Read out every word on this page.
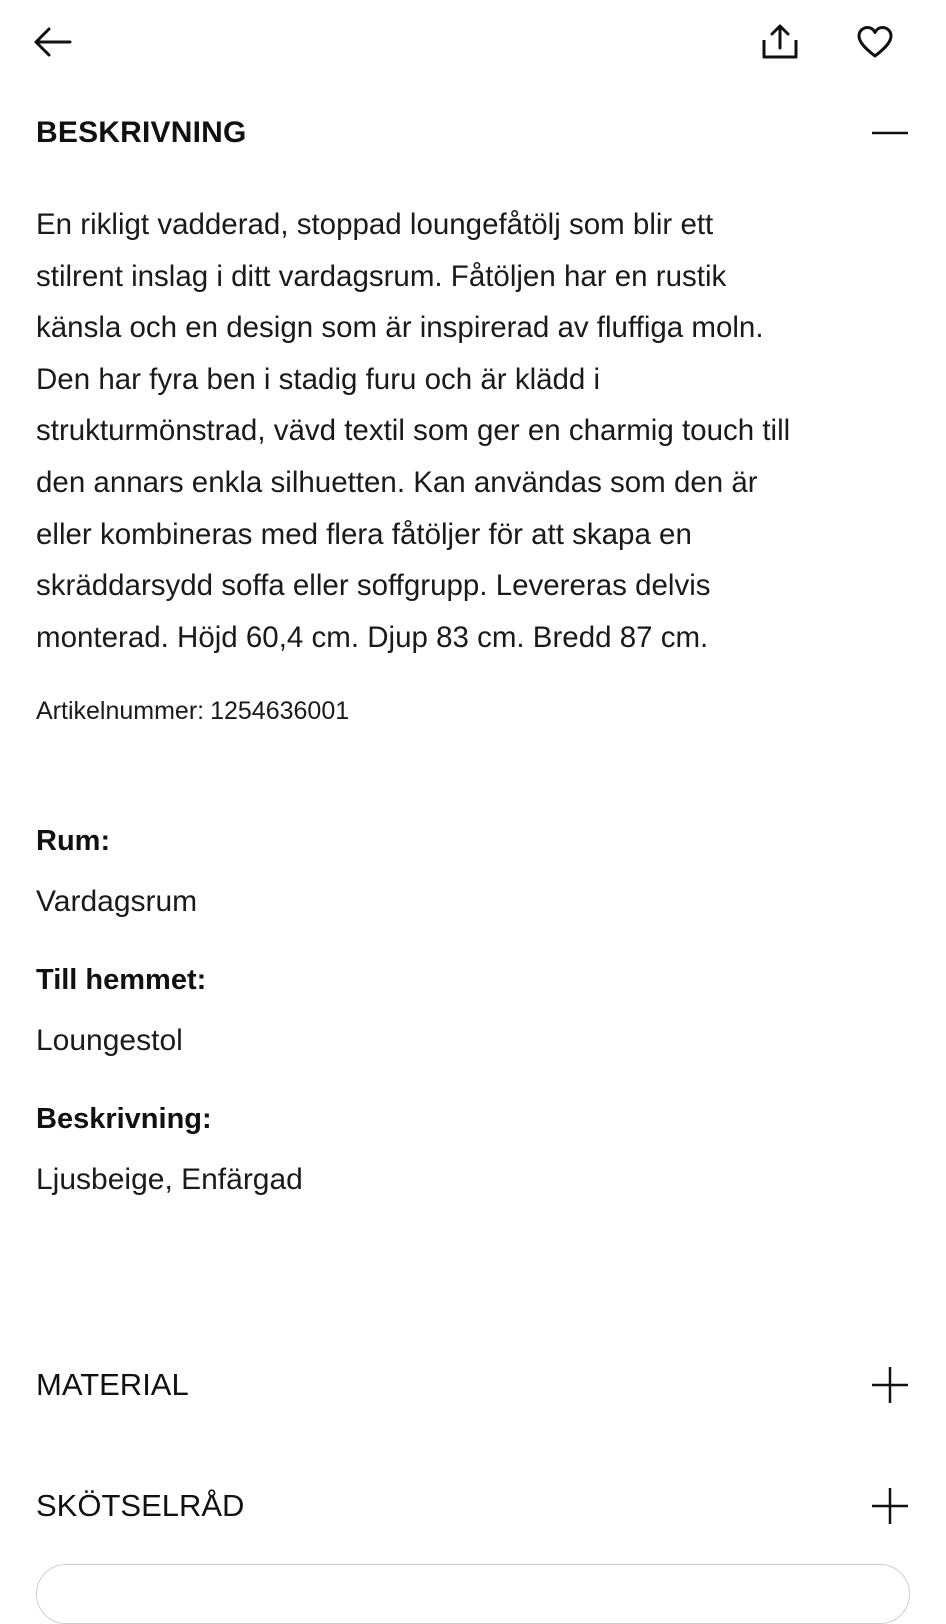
BESKRIVNING
En rikligt vadderad, stoppad loungefåtölj som blir ett
stilrent inslag i ditt vardagsrum. Fåtöljen har en rustik
känsla och en design som är inspirerad av fluffiga moln.
Den har fyra ben i stadig furu och är klädd i
strukturmönstrad, vävd textil som ger en charmig touch till
den annars enkla silhuetten. Kan användas som den är
eller kombineras med flera fåtöljer för att skapa en
skräddarsydd soffa eller soffgrupp. Levereras delvis
monterad. Höjd 60,4 cm. Djup 83 cm. Bredd 87 cm.
Artikelnummer: 1254636001
Rum:
Vardagsrum
Till hemmet:
Loungestol
Beskrivning:
Ljusbeige, Enfärgad
MATERIAL
SKÖTSELRÅD
